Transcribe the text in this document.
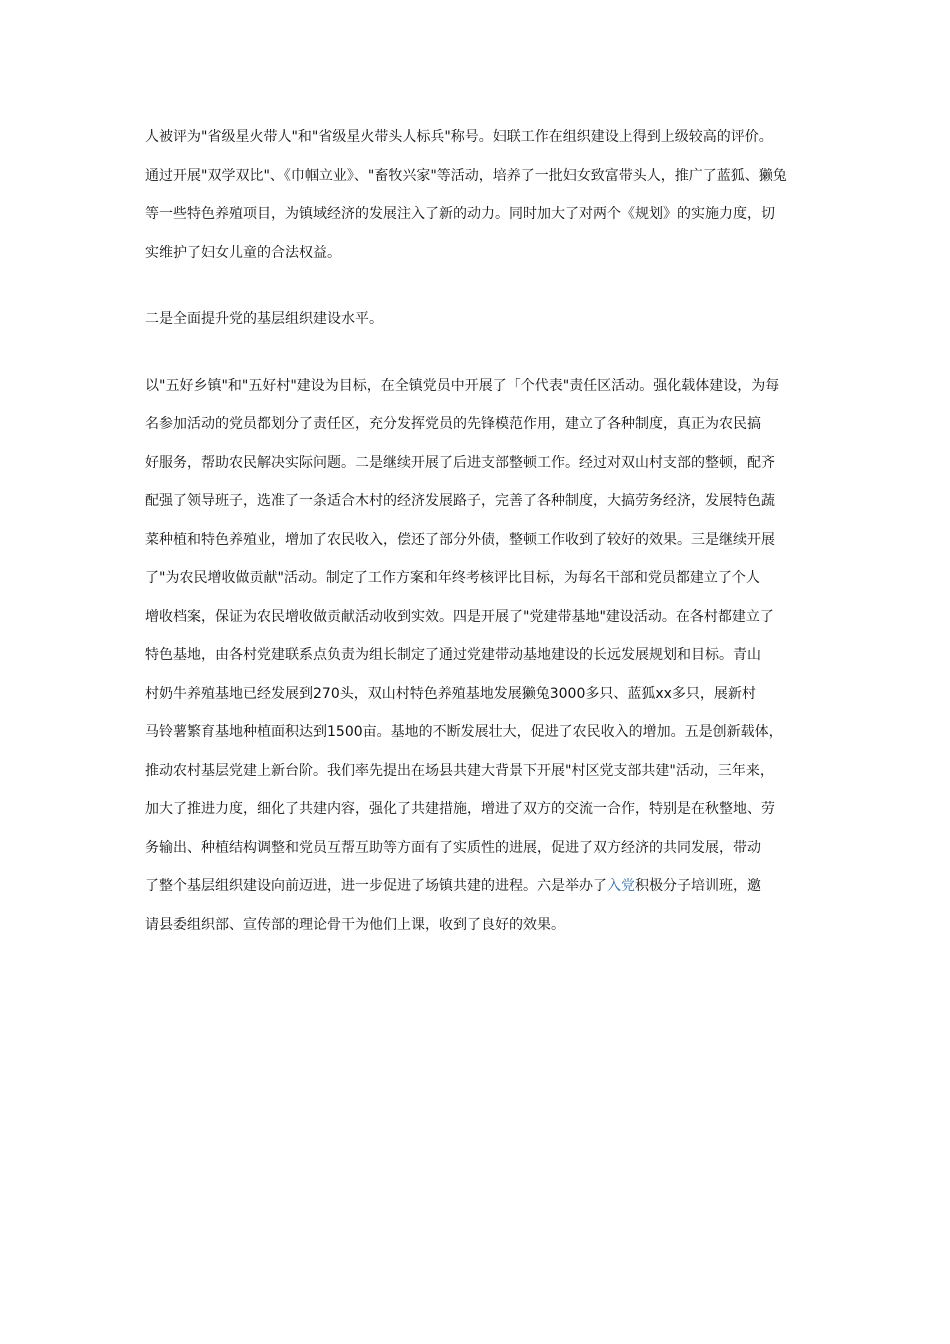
人被评为"省级星火带人"和"省级星火带头人标兵"称号。妇联工作在组织建设上得到上级较高的评价。
通过开展"双学双比"、《巾帼立业》、"畜牧兴家"等活动，培养了一批妇女致富带头人，推广了蓝狐、獭兔
等一些特色养殖项目，为镇域经济的发展注入了新的动力。同时加大了对两个《规划》的实施力度，切
实维护了妇女儿童的合法权益。

二是全面提升党的基层组织建设水平。

以"五好乡镇"和"五好村"建设为目标，在全镇党员中开展了「个代表"责任区活动。强化载体建设，为每
名参加活动的党员都划分了责任区，充分发挥党员的先锋模范作用，建立了各种制度，真正为农民搞
好服务，帮助农民解决实际问题。二是继续开展了后进支部整顿工作。经过对双山村支部的整顿，配齐
配强了领导班子，选准了一条适合木村的经济发展路子，完善了各种制度，大搞劳务经济，发展特色蔬
菜种植和特色养殖业，增加了农民收入，偿还了部分外债，整顿工作收到了较好的效果。三是继续开展
了"为农民增收做贡献"活动。制定了工作方案和年终考核评比目标，为每名干部和党员都建立了个人
增收档案，保证为农民增收做贡献活动收到实效。四是开展了"党建带基地"建设活动。在各村都建立了
特色基地，由各村党建联系点负责为组长制定了通过党建带动基地建设的长远发展规划和目标。青山
村奶牛养殖基地已经发展到270头，双山村特色养殖基地发展獭兔3000多只、蓝狐xx多只，展新村
马铃薯繁育基地种植面积达到1500亩。基地的不断发展壮大，促进了农民收入的增加。五是创新载体，
推动农村基层党建上新台阶。我们率先提出在场县共建大背景下开展"村区党支部共建"活动，三年来，
加大了推进力度，细化了共建内容，强化了共建措施，增进了双方的交流一合作，特别是在秋整地、劳
务输出、种植结构调整和党员互帮互助等方面有了实质性的进展，促进了双方经济的共同发展，带动
了整个基层组织建设向前迈进，进一步促进了场镇共建的进程。六是举办了入党积极分子培训班，邀
请县委组织部、宣传部的理论骨干为他们上课，收到了良好的效果。
